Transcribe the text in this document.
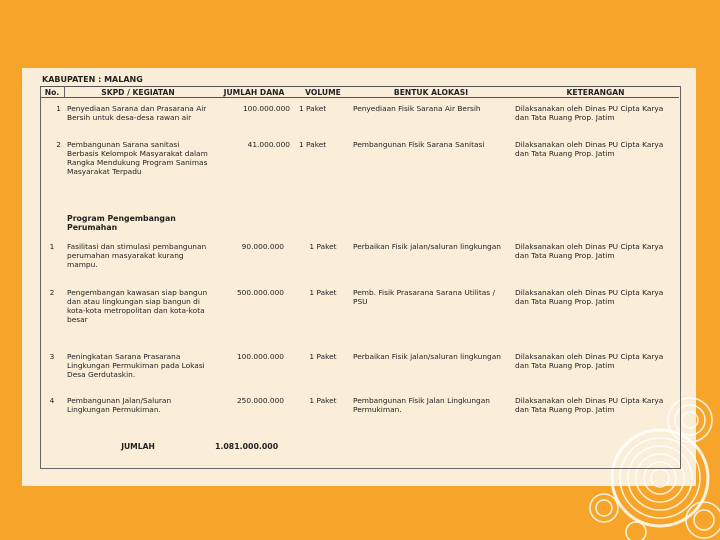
KABUPATEN : MALANG
No.	SKPD / KEGIATAN	JUMLAH DANA	VOLUME	BENTUK ALOKASI	KETERANGAN
1	Penyediaan Sarana dan Prasarana Air Bersih untuk desa-desa rawan air	100.000.000	1 Paket	Penyediaan Fisik Sarana Air Bersih	Dilaksanakan oleh Dinas PU Cipta Karya dan Tata Ruang Prop. Jatim
2	Pembangunan Sarana sanitasi Berbasis Kelompok Masyarakat dalam Rangka Mendukung Program Sanimas Masyarakat Terpadu	41.000.000	1 Paket	Pembangunan Fisik Sarana Sanitasi	Dilaksanakan oleh Dinas PU Cipta Karya dan Tata Ruang Prop. Jatim
	Program Pengembangan Perumahan				
1	Fasilitasi dan stimulasi pembangunan perumahan masyarakat kurang mampu.	90.000.000	1 Paket	Perbaikan Fisik jalan/saluran lingkungan	Dilaksanakan oleh Dinas PU Cipta Karya dan Tata Ruang Prop. Jatim
2	Pengembangan kawasan siap bangun dan atau lingkungan siap bangun di kota-kota metropolitan dan kota-kota besar	500.000.000	1 Paket	Pemb. Fisik Prasarana Sarana Utilitas / PSU	Dilaksanakan oleh Dinas PU Cipta Karya dan Tata Ruang Prop. Jatim
3	Peningkatan Sarana Prasarana Lingkungan Permukiman pada Lokasi Desa Gerdutaskin.	100.000.000	1 Paket	Perbaikan Fisik jalan/saluran lingkungan	Dilaksanakan oleh Dinas PU Cipta Karya dan Tata Ruang Prop. Jatim
4	Pembangunan Jalan/Saluran Lingkungan Permukiman.	250.000.000	1 Paket	Pembangunan Fisik Jalan Lingkungan Permukiman.	Dilaksanakan oleh Dinas PU Cipta Karya dan Tata Ruang Prop. Jatim
	JUMLAH	1.081.000.000			
